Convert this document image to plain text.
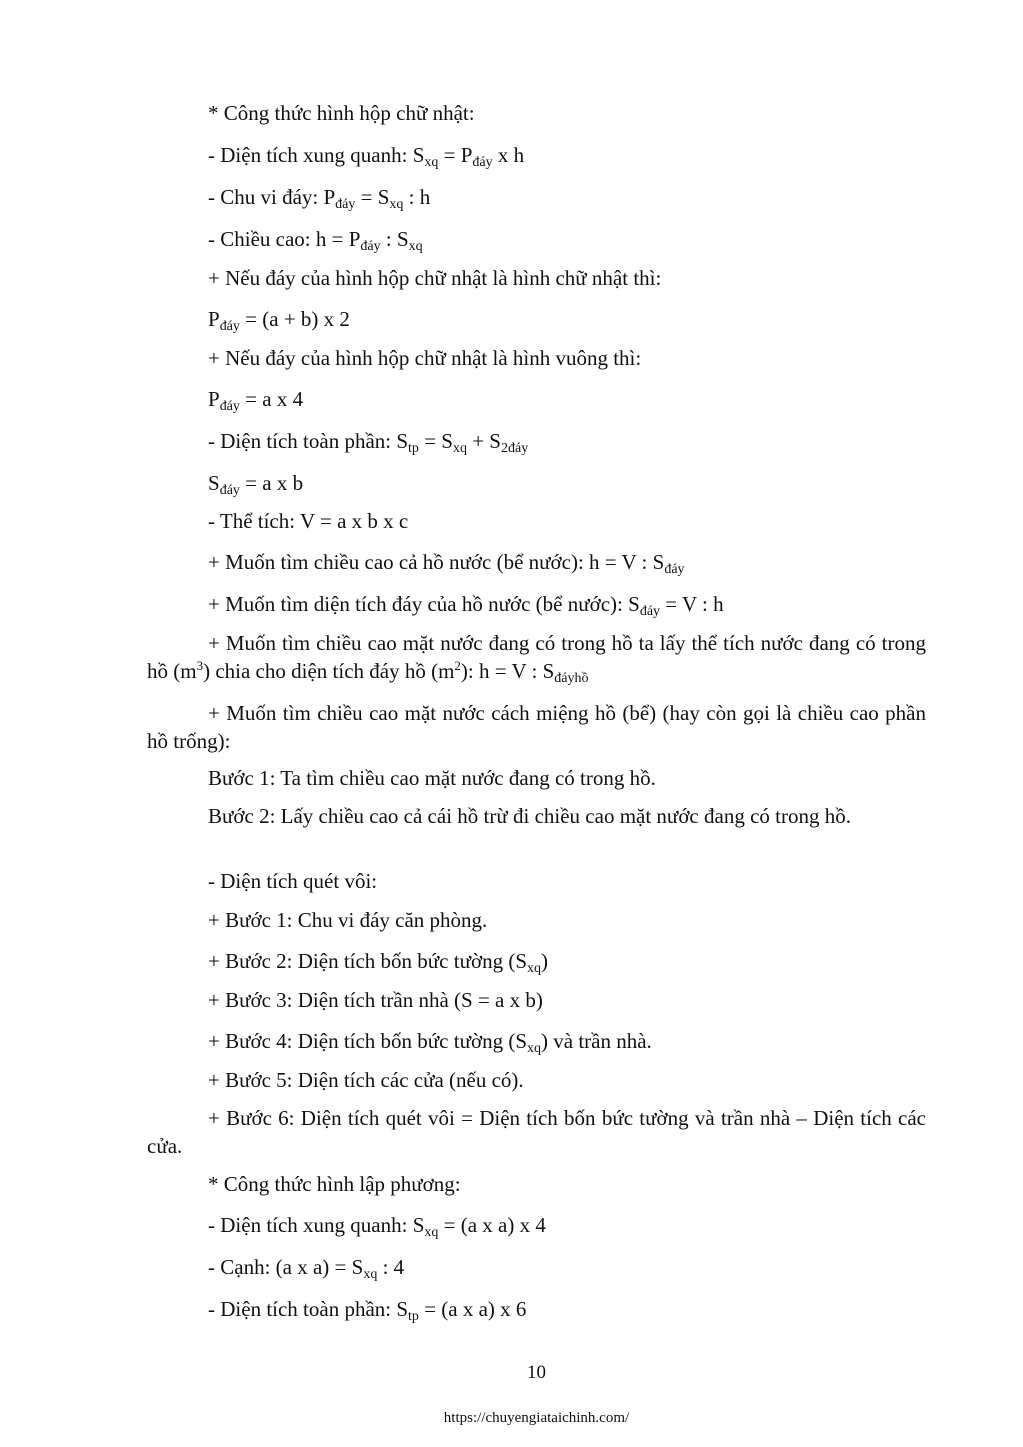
* Công thức hình hộp chữ nhật:
- Diện tích xung quanh: $S_{xq} = P_{đáy}$ x h
- Chu vi đáy: $P_{đáy} = S_{xq}$ : h
- Chiều cao: $h = P_{đáy}$ : $S_{xq}$
+ Nếu đáy của hình hộp chữ nhật là hình chữ nhật thì:
$P_{đáy} = (a + b)$ x 2
+ Nếu đáy của hình hộp chữ nhật là hình vuông thì:
$P_{đáy} = a$ x 4
- Diện tích toàn phần: $S_{tp} = S_{xq} + S_{2đáy}$
$S_{đáy} = a$ x b
- Thể tích: V = a x b x c
+ Muốn tìm chiều cao cả hồ nước (bể nước): h = V : $S_{đáy}$
+ Muốn tìm diện tích đáy của hồ nước (bể nước): $S_{đáy} = V$ : h
+ Muốn tìm chiều cao mặt nước đang có trong hồ ta lấy thể tích nước đang có trong hồ $(m^3)$ chia cho diện tích đáy hồ $(m^2)$: h = V : $S_{đáyhồ}$
+ Muốn tìm chiều cao mặt nước cách miệng hồ (bể) (hay còn gọi là chiều cao phần hồ trống):
Bước 1: Ta tìm chiều cao mặt nước đang có trong hồ.
Bước 2: Lấy chiều cao cả cái hồ trừ đi chiều cao mặt nước đang có trong hồ.
- Diện tích quét vôi:
+ Bước 1: Chu vi đáy căn phòng.
+ Bước 2: Diện tích bốn bức tường $(S_{xq})$
+ Bước 3: Diện tích trần nhà (S = a x b)
+ Bước 4: Diện tích bốn bức tường $(S_{xq})$ và trần nhà.
+ Bước 5: Diện tích các cửa (nếu có).
+ Bước 6: Diện tích quét vôi = Diện tích bốn bức tường và trần nhà – Diện tích các cửa.
* Công thức hình lập phương:
- Diện tích xung quanh: $S_{xq} = (a$ x a) x 4
- Cạnh: (a x $a) = S_{xq}$ : 4
- Diện tích toàn phần: $S_{tp} = (a$ x a) x 6
10
https://chuyengiataichinh.com/
